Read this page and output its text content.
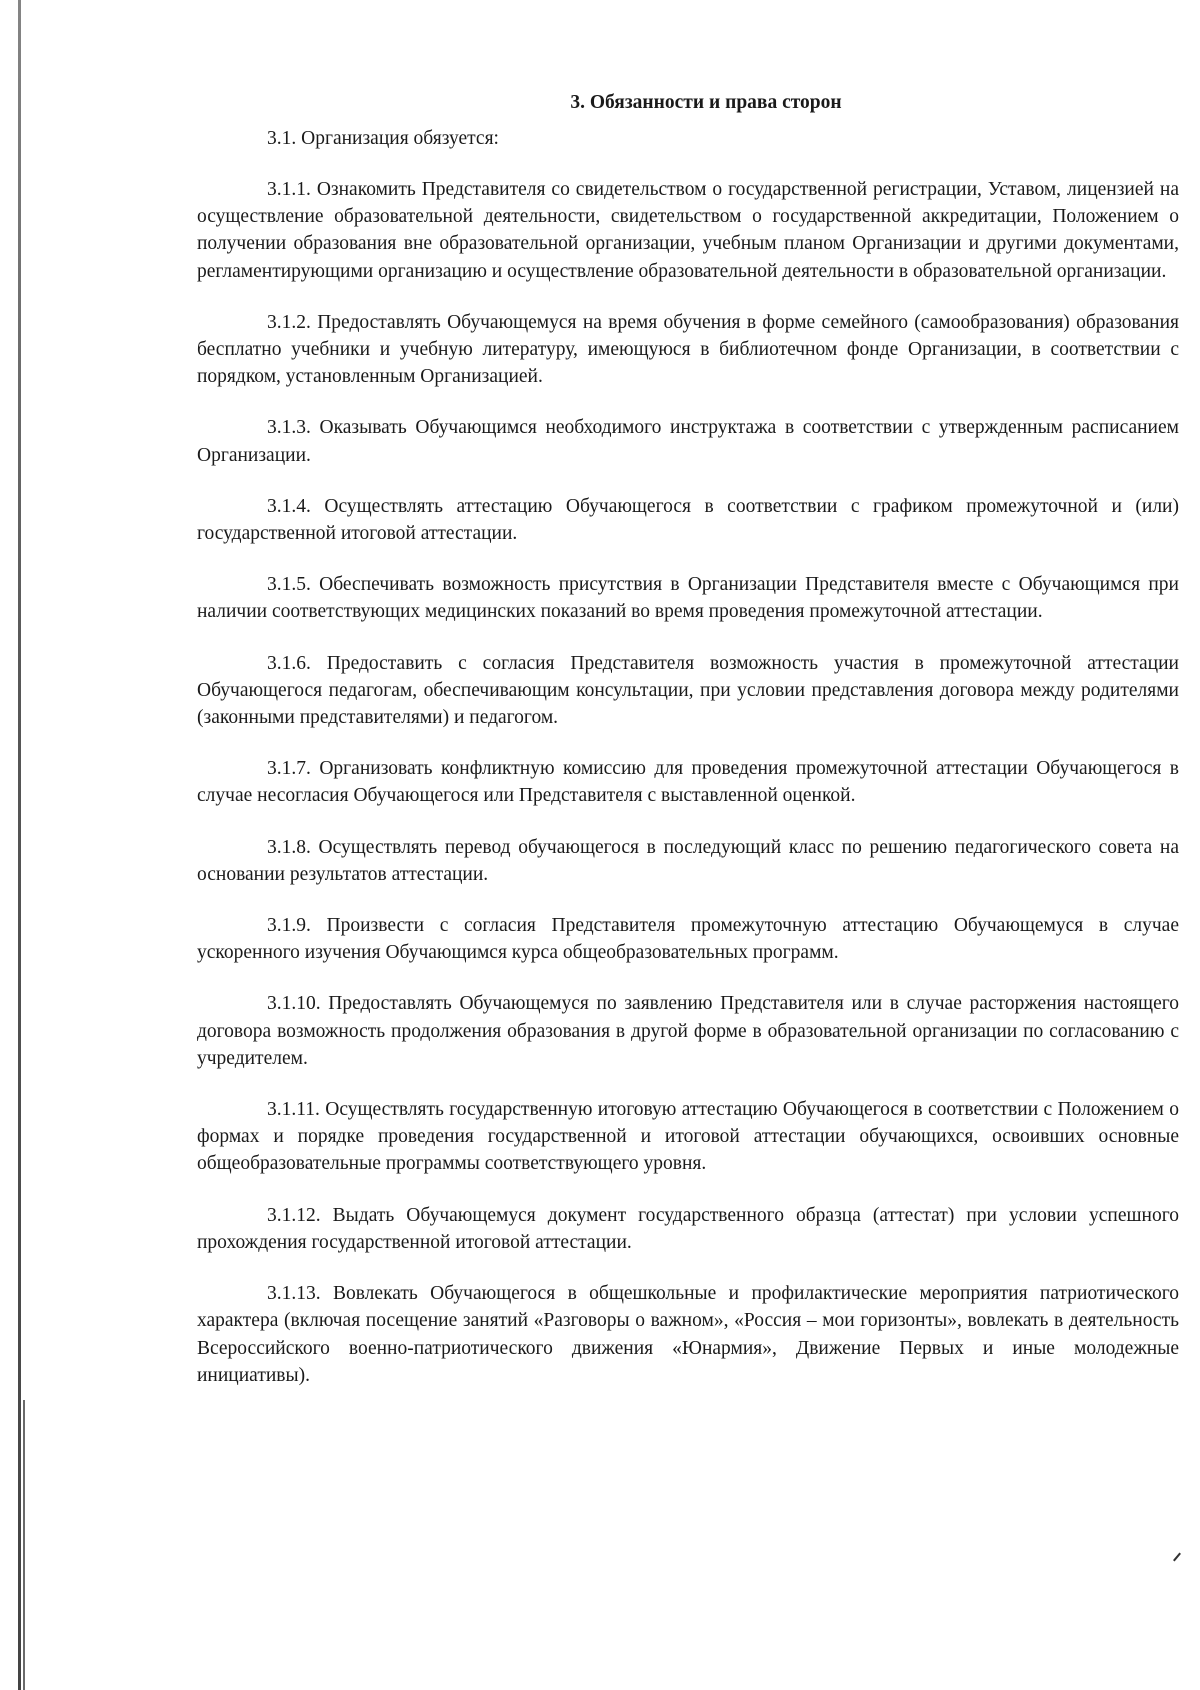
3. Обязанности и права сторон

3.1. Организация обязуется:

3.1.1. Ознакомить Представителя со свидетельством о государственной регистрации, Уставом, лицензией на осуществление образовательной деятельности, свидетельством о государственной аккредитации, Положением о получении образования вне образовательной организации, учебным планом Организации и другими документами, регламентирующими организацию и осуществление образовательной деятельности в образовательной организации.

3.1.2. Предоставлять Обучающемуся на время обучения в форме семейного (самообразования) образования бесплатно учебники и учебную литературу, имеющуюся в библиотечном фонде Организации, в соответствии с порядком, установленным Организацией.

3.1.3. Оказывать Обучающимся необходимого инструктажа в соответствии с утвержденным расписанием Организации.

3.1.4. Осуществлять аттестацию Обучающегося в соответствии с графиком промежуточной и (или) государственной итоговой аттестации.

3.1.5. Обеспечивать возможность присутствия в Организации Представителя вместе с Обучающимся при наличии соответствующих медицинских показаний во время проведения промежуточной аттестации.

3.1.6. Предоставить с согласия Представителя возможность участия в промежуточной аттестации Обучающегося педагогам, обеспечивающим консультации, при условии представления договора между родителями (законными представителями) и педагогом.

3.1.7. Организовать конфликтную комиссию для проведения промежуточной аттестации Обучающегося в случае несогласия Обучающегося или Представителя с выставленной оценкой.

3.1.8. Осуществлять перевод обучающегося в последующий класс по решению педагогического совета на основании результатов аттестации.

3.1.9. Произвести с согласия Представителя промежуточную аттестацию Обучающемуся в случае ускоренного изучения Обучающимся курса общеобразовательных программ.

3.1.10. Предоставлять Обучающемуся по заявлению Представителя или в случае расторжения настоящего договора возможность продолжения образования в другой форме в образовательной организации по согласованию с учредителем.

3.1.11. Осуществлять государственную итоговую аттестацию Обучающегося в соответствии с Положением о формах и порядке проведения государственной и итоговой аттестации обучающихся, освоивших основные общеобразовательные программы соответствующего уровня.

3.1.12. Выдать Обучающемуся документ государственного образца (аттестат) при условии успешного прохождения государственной итоговой аттестации.

3.1.13. Вовлекать Обучающегося в общешкольные и профилактические мероприятия патриотического характера (включая посещение занятий «Разговоры о важном», «Россия – мои горизонты», вовлекать в деятельность Всероссийского военно-патриотического движения «Юнармия», Движение Первых и иные молодежные инициативы).
